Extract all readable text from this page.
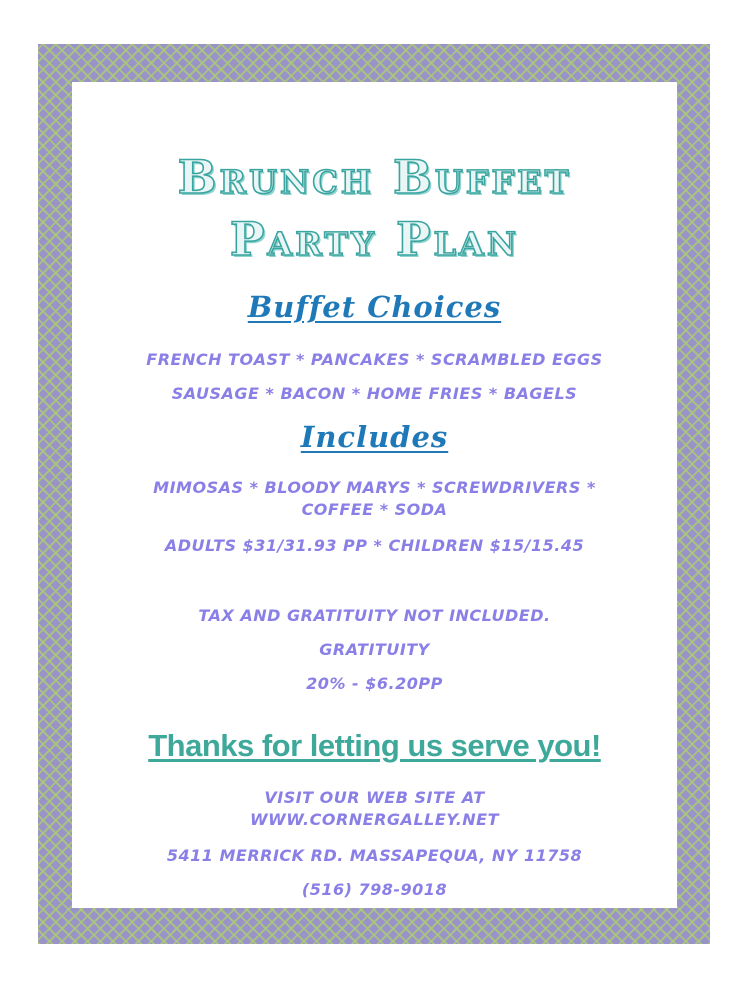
Brunch Buffet
Party Plan
Buffet Choices
FRENCH TOAST * PANCAKES * SCRAMBLED EGGS
SAUSAGE * BACON * HOME FRIES * BAGELS
Includes
MIMOSAS * BLOODY MARYS * SCREWDRIVERS *
COFFEE * SODA
ADULTS $31/31.93 PP * CHILDREN $15/15.45
TAX AND GRATITUITY NOT INCLUDED.
GRATITUITY
20% - $6.20PP
Thanks for letting us serve you!
VISIT OUR WEB SITE AT
WWW.CORNERGALLEY.NET
5411 MERRICK RD. MASSAPEQUA, NY 11758
(516) 798-9018
